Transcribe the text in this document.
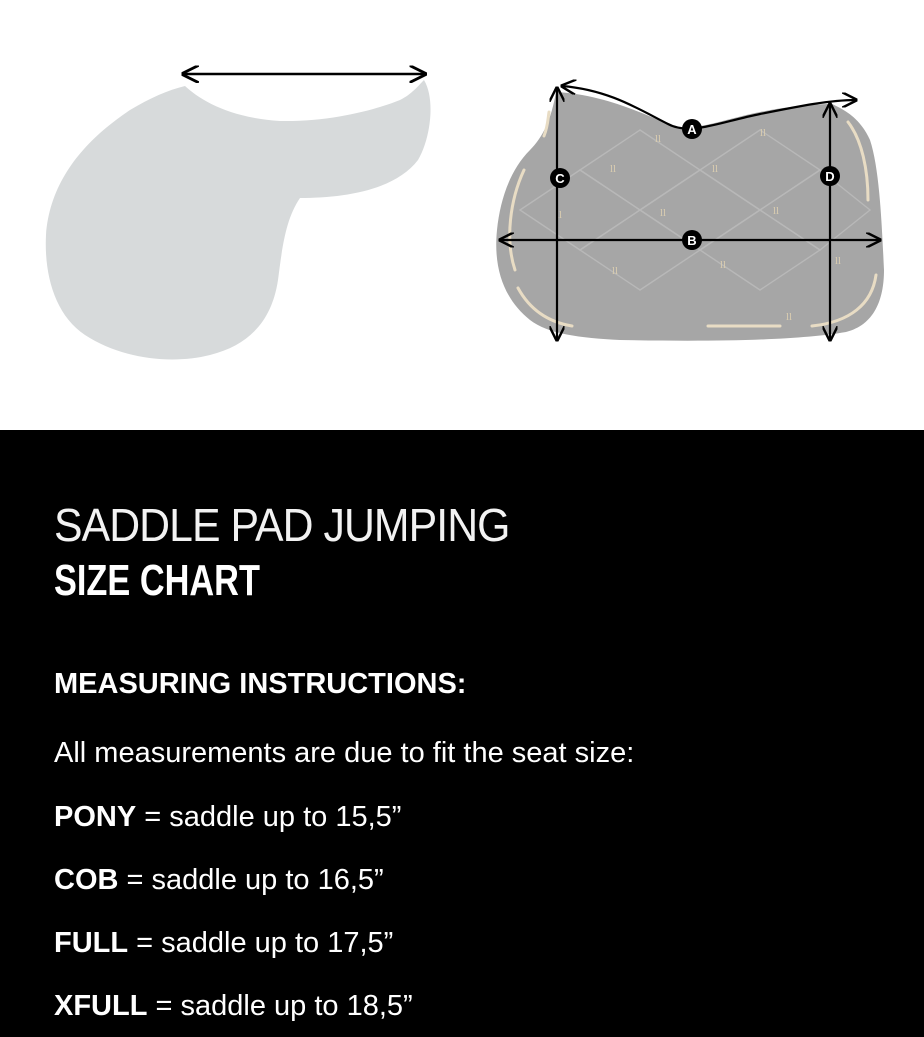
ll	ll
ll	ll
ll	ll
ll	ll
ll
ll
ll
A
B
C	D
SADDLE PAD JUMPING
SIZE CHART
MEASURING INSTRUCTIONS:
All measurements are due to fit the seat size:
PONY = saddle up to 15,5”
COB = saddle up to 16,5”
FULL = saddle up to 17,5”
XFULL = saddle up to 18,5”
